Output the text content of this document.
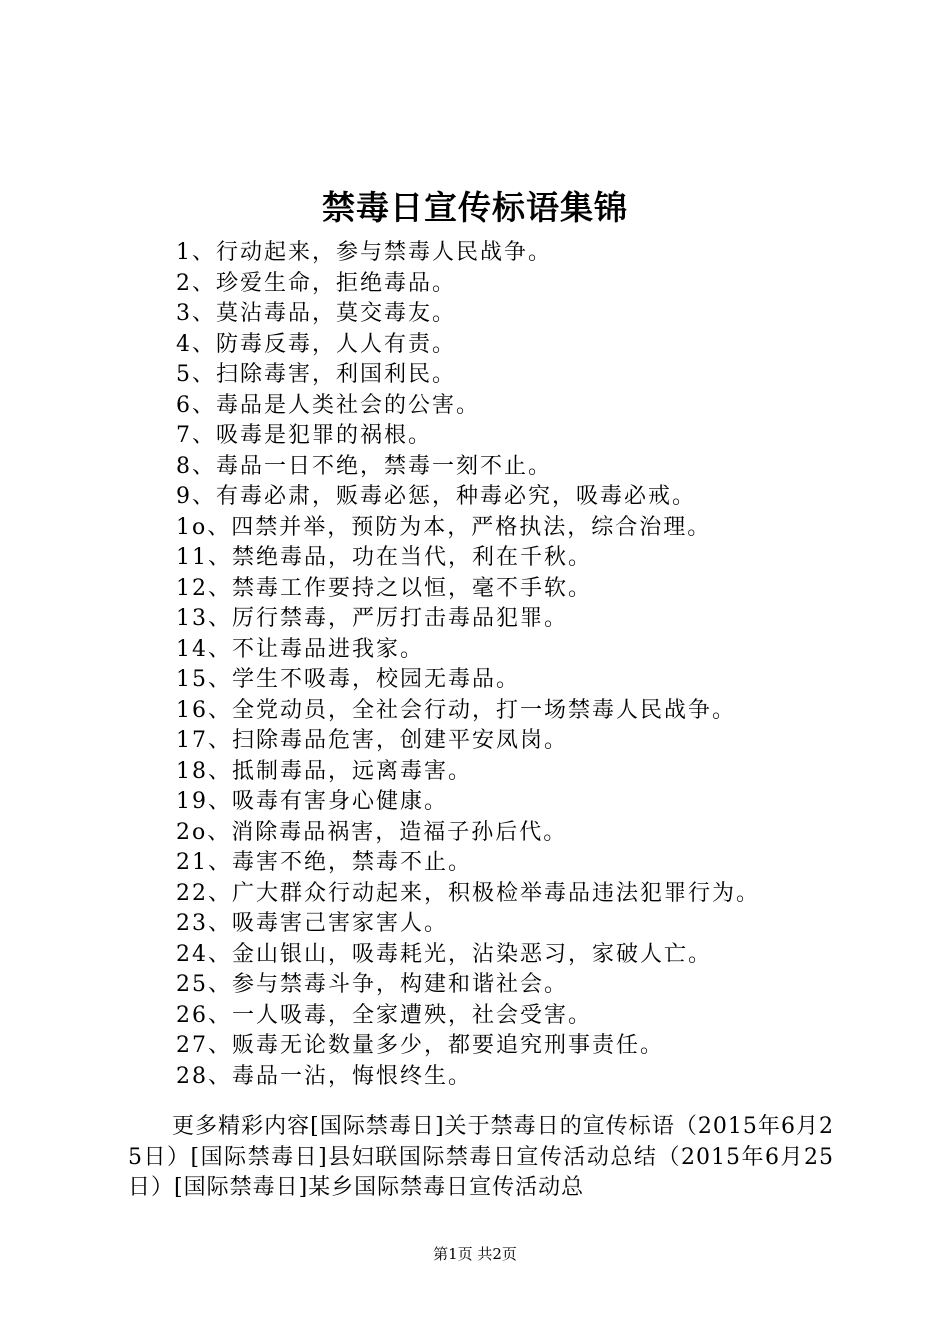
禁毒日宣传标语集锦
1、行动起来，参与禁毒人民战争。
2、珍爱生命，拒绝毒品。
3、莫沾毒品，莫交毒友。
4、防毒反毒，人人有责。
5、扫除毒害，利国利民。
6、毒品是人类社会的公害。
7、吸毒是犯罪的祸根。
8、毒品一日不绝，禁毒一刻不止。
9、有毒必肃，贩毒必惩，种毒必究，吸毒必戒。
1o、四禁并举，预防为本，严格执法，综合治理。
11、禁绝毒品，功在当代，利在千秋。
12、禁毒工作要持之以恒，毫不手软。
13、厉行禁毒，严厉打击毒品犯罪。
14、不让毒品进我家。
15、学生不吸毒，校园无毒品。
16、全党动员，全社会行动，打一场禁毒人民战争。
17、扫除毒品危害，创建平安凤岗。
18、抵制毒品，远离毒害。
19、吸毒有害身心健康。
2o、消除毒品祸害，造福子孙后代。
21、毒害不绝，禁毒不止。
22、广大群众行动起来，积极检举毒品违法犯罪行为。
23、吸毒害己害家害人。
24、金山银山，吸毒耗光，沾染恶习，家破人亡。
25、参与禁毒斗争，构建和谐社会。
26、一人吸毒，全家遭殃，社会受害。
27、贩毒无论数量多少，都要追究刑事责任。
28、毒品一沾，悔恨终生。

更多精彩内容[国际禁毒日]关于禁毒日的宣传标语（2015年6月25日）[国际禁毒日]县妇联国际禁毒日宣传活动总结（2015年6月25日）[国际禁毒日]某乡国际禁毒日宣传活动总

第1页 共2页
